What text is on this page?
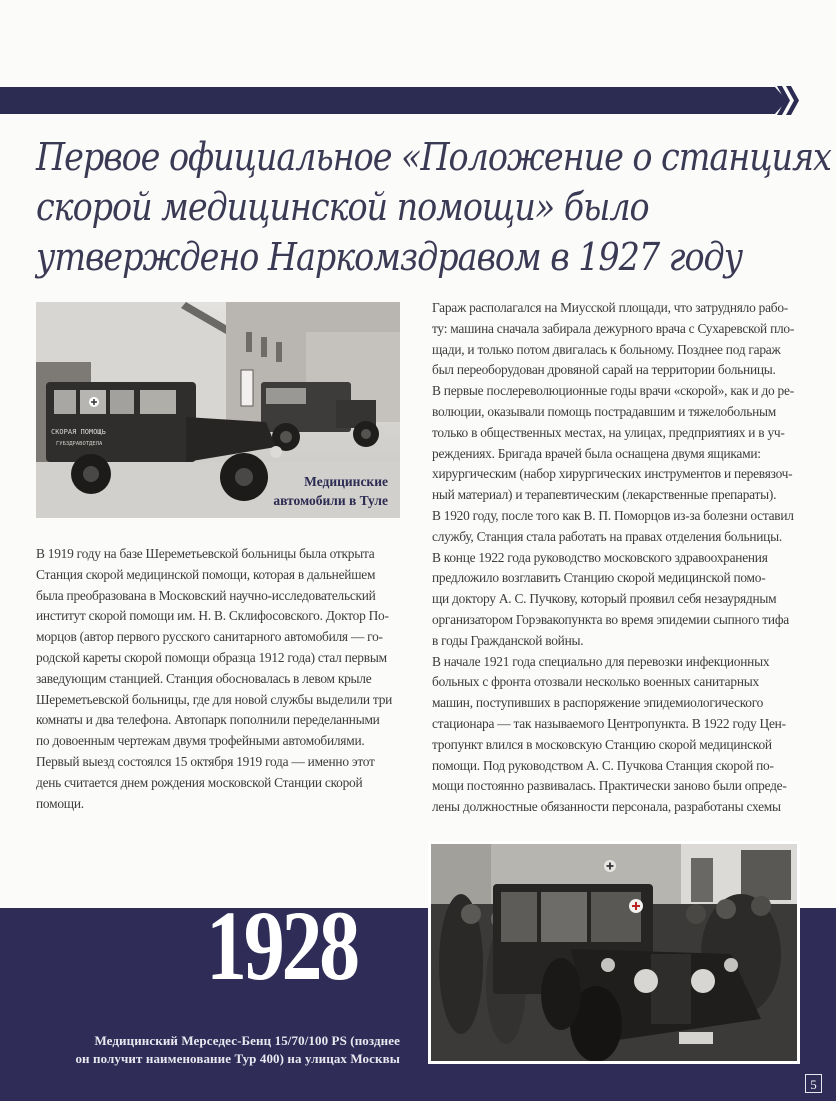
Первое официальное «Положение о станциях
скорой медицинской помощи» было
утверждено Наркомздравом в 1927 году
СКОРАЯ ПОМОЩЬ
ГУБЗДРАВОТДЕЛА
Медицинские
автомобили в Туле
В 1919 году на базе Шереметьевской больницы была открыта
Станция скорой медицинской помощи, которая в дальнейшем
была преобразована в Московский научно-исследовательский
институт скорой помощи им. Н. В. Склифосовского. Доктор По-
морцов (автор первого русского санитарного автомобиля — го-
родской кареты скорой помощи образца 1912 года) стал первым
заведующим станцией. Станция обосновалась в левом крыле
Шереметьевской больницы, где для новой службы выделили три
комнаты и два телефона. Автопарк пополнили переделанными
по довоенным чертежам двумя трофейными автомобилями.
Первый выезд состоялся 15 октября 1919 года — именно этот
день считается днем рождения московской Станции скорой
помощи.
Гараж располагался на Миусской площади, что затрудняло рабо-
ту: машина сначала забирала дежурного врача с Сухаревской пло-
щади, и только потом двигалась к больному. Позднее под гараж
был переоборудован дровяной сарай на территории больницы.
В первые послереволюционные годы врачи «скорой», как и до ре-
волюции, оказывали помощь пострадавшим и тяжелобольным
только в общественных местах, на улицах, предприятиях и в уч-
реждениях. Бригада врачей была оснащена двумя ящиками:
хирургическим (набор хирургических инструментов и перевязоч-
ный материал) и терапевтическим (лекарственные препараты).
В 1920 году, после того как В. П. Поморцов из-за болезни оставил
службу, Станция стала работать на правах отделения больницы.
В конце 1922 года руководство московского здравоохранения
предложило возглавить Станцию скорой медицинской помо-
щи доктору А. С. Пучкову, который проявил себя незаурядным
организатором Горэвакопункта во время эпидемии сыпного тифа
в годы Гражданской войны.
В начале 1921 года специально для перевозки инфекционных
больных с фронта отозвали несколько военных санитарных
машин, поступивших в распоряжение эпидемиологического
стационара — так называемого Центропункта. В 1922 году Цен-
тропункт влился в московскую Станцию скорой медицинской
помощи. Под руководством А. С. Пучкова Станция скорой по-
мощи постоянно развивалась. Практически заново были опреде-
лены должностные обязанности персонала, разработаны схемы
1928
Медицинский Мерседес-Бенц 15/70/100 PS (позднее
он получит наименование Тур 400) на улицах Москвы
5
